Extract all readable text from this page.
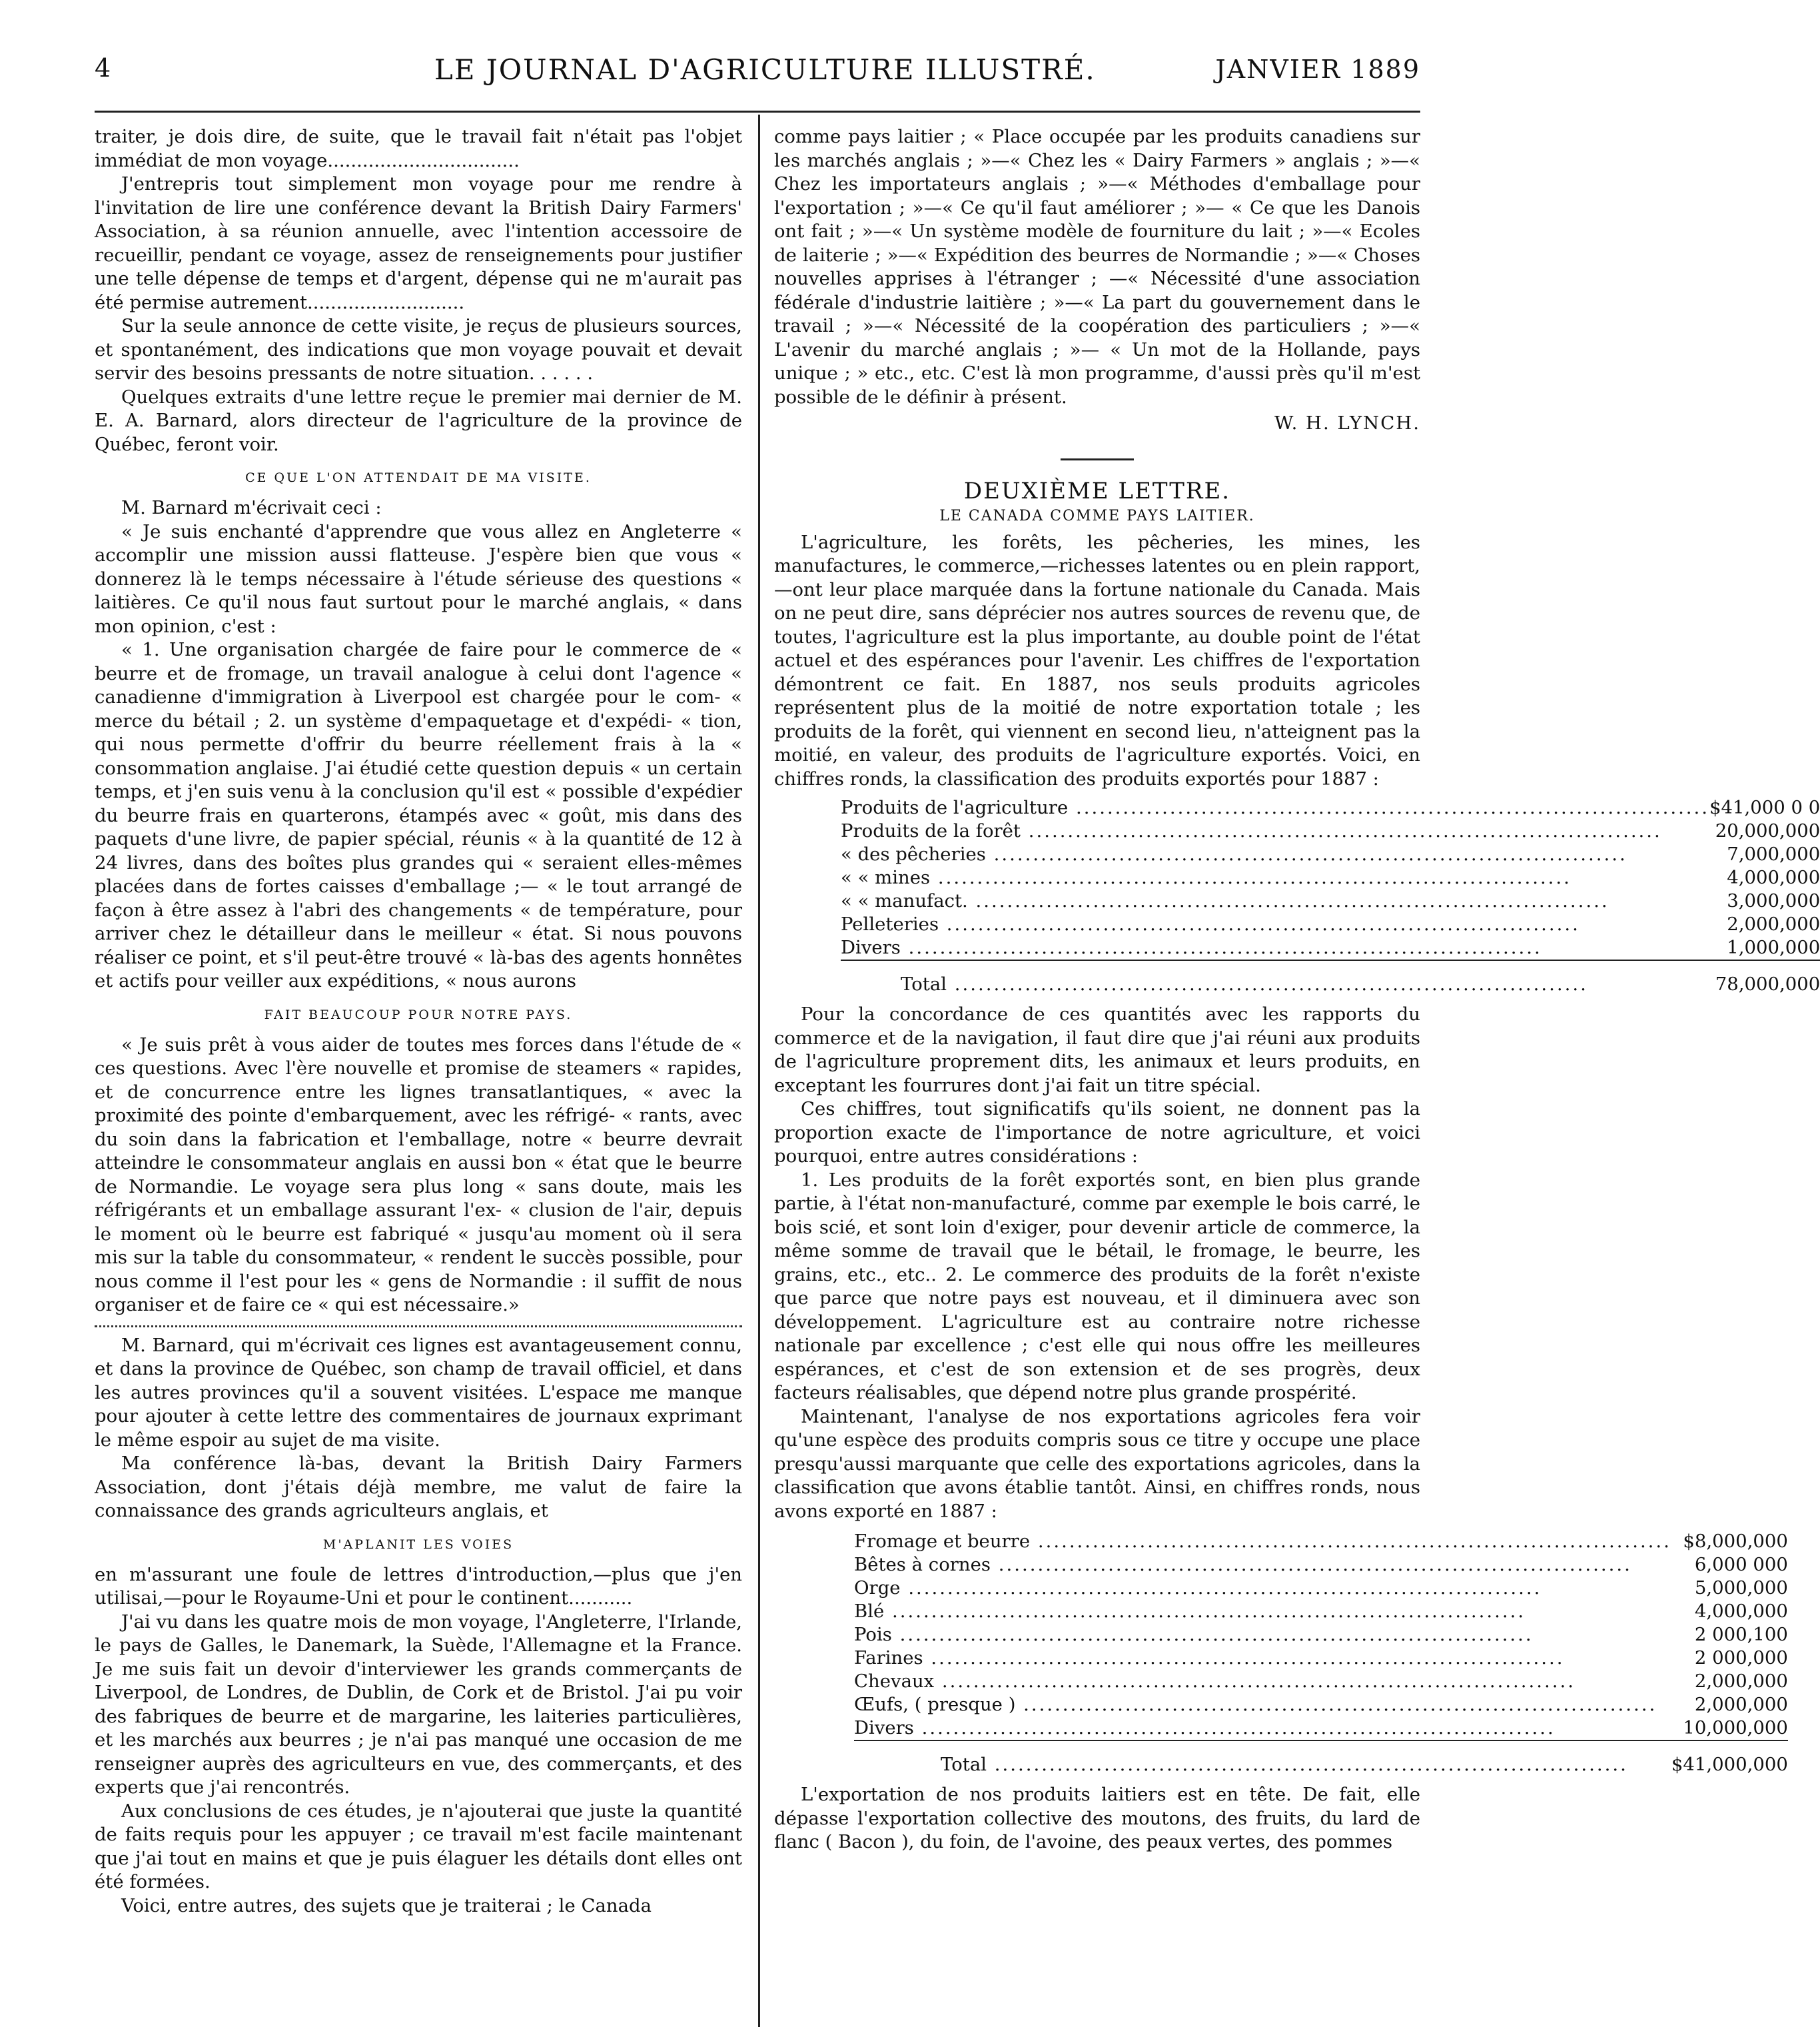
4	LE JOURNAL D'AGRICULTURE ILLUSTRÉ.	JANVIER 1889

traiter, je dois dire, de suite, que le travail fait n'était pas l'objet immédiat de mon voyage.................................

J'entrepris tout simplement mon voyage pour me rendre à l'invitation de lire une conférence devant la British Dairy Farmers' Association, à sa réunion annuelle, avec l'intention accessoire de recueillir, pendant ce voyage, assez de renseignements pour justifier une telle dépense de temps et d'argent, dépense qui ne m'aurait pas été permise autrement...........................

Sur la seule annonce de cette visite, je reçus de plusieurs sources, et spontanément, des indications que mon voyage pouvait et devait servir des besoins pressants de notre situation. . . . . .

Quelques extraits d'une lettre reçue le premier mai dernier de M. E. A. Barnard, alors directeur de l'agriculture de la province de Québec, feront voir.

CE QUE L'ON ATTENDAIT DE MA VISITE.

M. Barnard m'écrivait ceci :

« Je suis enchanté d'apprendre que vous allez en Angleterre « accomplir une mission aussi flatteuse. J'espère bien que vous « donnerez là le temps nécessaire à l'étude sérieuse des questions « laitières. Ce qu'il nous faut surtout pour le marché anglais, « dans mon opinion, c'est :

« 1. Une organisation chargée de faire pour le commerce de « beurre et de fromage, un travail analogue à celui dont l'agence « canadienne d'immigration à Liverpool est chargée pour le com- « merce du bétail ; 2. un système d'empaquetage et d'expédi- « tion, qui nous permette d'offrir du beurre réellement frais à la « consommation anglaise. J'ai étudié cette question depuis « un certain temps, et j'en suis venu à la conclusion qu'il est « possible d'expédier du beurre frais en quarterons, étampés avec « goût, mis dans des paquets d'une livre, de papier spécial, réunis « à la quantité de 12 à 24 livres, dans des boîtes plus grandes qui « seraient elles-mêmes placées dans de fortes caisses d'emballage ;— « le tout arrangé de façon à être assez à l'abri des changements « de température, pour arriver chez le détailleur dans le meilleur « état. Si nous pouvons réaliser ce point, et s'il peut-être trouvé « là-bas des agents honnêtes et actifs pour veiller aux expéditions, « nous aurons

FAIT BEAUCOUP POUR NOTRE PAYS.

« Je suis prêt à vous aider de toutes mes forces dans l'étude de « ces questions. Avec l'ère nouvelle et promise de steamers « rapides, et de concurrence entre les lignes transatlantiques, « avec la proximité des pointe d'embarquement, avec les réfrigé- « rants, avec du soin dans la fabrication et l'emballage, notre « beurre devrait atteindre le consommateur anglais en aussi bon « état que le beurre de Normandie. Le voyage sera plus long « sans doute, mais les réfrigérants et un emballage assurant l'ex- « clusion de l'air, depuis le moment où le beurre est fabriqué « jusqu'au moment où il sera mis sur la table du consommateur, « rendent le succès possible, pour nous comme il l'est pour les « gens de Normandie : il suffit de nous organiser et de faire ce « qui est nécessaire.»

M. Barnard, qui m'écrivait ces lignes est avantageusement connu, et dans la province de Québec, son champ de travail officiel, et dans les autres provinces qu'il a souvent visitées. L'espace me manque pour ajouter à cette lettre des commentaires de journaux exprimant le même espoir au sujet de ma visite.

Ma conférence là-bas, devant la British Dairy Farmers Association, dont j'étais déjà membre, me valut de faire la connaissance des grands agriculteurs anglais, et

M'APLANIT LES VOIES

en m'assurant une foule de lettres d'introduction,—plus que j'en utilisai,—pour le Royaume-Uni et pour le continent...........

J'ai vu dans les quatre mois de mon voyage, l'Angleterre, l'Irlande, le pays de Galles, le Danemark, la Suède, l'Allemagne et la France. Je me suis fait un devoir d'interviewer les grands commerçants de Liverpool, de Londres, de Dublin, de Cork et de Bristol. J'ai pu voir des fabriques de beurre et de margarine, les laiteries particulières, et les marchés aux beurres ; je n'ai pas manqué une occasion de me renseigner auprès des agriculteurs en vue, des commerçants, et des experts que j'ai rencontrés.

Aux conclusions de ces études, je n'ajouterai que juste la quantité de faits requis pour les appuyer ; ce travail m'est facile maintenant que j'ai tout en mains et que je puis élaguer les détails dont elles ont été formées.

Voici, entre autres, des sujets que je traiterai ; le Canada

comme pays laitier ; « Place occupée par les produits canadiens sur les marchés anglais ; »—« Chez les « Dairy Farmers » anglais ; »—« Chez les importateurs anglais ; »—« Méthodes d'emballage pour l'exportation ; »—« Ce qu'il faut améliorer ; »— « Ce que les Danois ont fait ; »—« Un système modèle de fourniture du lait ; »—« Ecoles de laiterie ; »—« Expédition des beurres de Normandie ; »—« Choses nouvelles apprises à l'étranger ; —« Nécessité d'une association fédérale d'industrie laitière ; »—« La part du gouvernement dans le travail ; »—« Nécessité de la coopération des particuliers ; »—« L'avenir du marché anglais ; »— « Un mot de la Hollande, pays unique ; » etc., etc. C'est là mon programme, d'aussi près qu'il m'est possible de le définir à présent.

W. H. LYNCH.
DEUXIÈME LETTRE.
LE CANADA COMME PAYS LAITIER.

L'agriculture, les forêts, les pêcheries, les mines, les manufactures, le commerce,—richesses latentes ou en plein rapport,—ont leur place marquée dans la fortune nationale du Canada. Mais on ne peut dire, sans déprécier nos autres sources de revenu que, de toutes, l'agriculture est la plus importante, au double point de l'état actuel et des espérances pour l'avenir. Les chiffres de l'exportation démontrent ce fait. En 1887, nos seuls produits agricoles représentent plus de la moitié de notre exportation totale ; les produits de la forêt, qui viennent en second lieu, n'atteignent pas la moitié, en valeur, des produits de l'agriculture exportés. Voici, en chiffres ronds, la classification des produits exportés pour 1887 :

Produits de l'agriculture .....	$41,000 0 0
Produits de la forêt .....	20,000,000
« des pêcheries .....	7,000,000
« « mines .....	4,000,000
« « manufact. .....	3,000,000
Pelleteries .....	2,000,000
Divers .....	1,000,000

Total .....	78,000,000

Pour la concordance de ces quantités avec les rapports du commerce et de la navigation, il faut dire que j'ai réuni aux produits de l'agriculture proprement dits, les animaux et leurs produits, en exceptant les fourrures dont j'ai fait un titre spécial.

Ces chiffres, tout significatifs qu'ils soient, ne donnent pas la proportion exacte de l'importance de notre agriculture, et voici pourquoi, entre autres considérations :

1. Les produits de la forêt exportés sont, en bien plus grande partie, à l'état non-manufacturé, comme par exemple le bois carré, le bois scié, et sont loin d'exiger, pour devenir article de commerce, la même somme de travail que le bétail, le fromage, le beurre, les grains, etc., etc.. 2. Le commerce des produits de la forêt n'existe que parce que notre pays est nouveau, et il diminuera avec son développement. L'agriculture est au contraire notre richesse nationale par excellence ; c'est elle qui nous offre les meilleures espérances, et c'est de son extension et de ses progrès, deux facteurs réalisables, que dépend notre plus grande prospérité.

Maintenant, l'analyse de nos exportations agricoles fera voir qu'une espèce des produits compris sous ce titre y occupe une place presqu'aussi marquante que celle des exportations agricoles, dans la classification que avons établie tantôt. Ainsi, en chiffres ronds, nous avons exporté en 1887 :

Fromage et beurre .....	$8,000,000
Bêtes à cornes .....	6,000 000
Orge .....	5,000,000
Blé .....	4,000,000
Pois .....	2 000,100
Farines .....	2 000,000
Chevaux .....	2,000,000
Œufs, ( presque ) .....	2,000,000
Divers .....	10,000,000

Total .....	$41,000,000

L'exportation de nos produits laitiers est en tête. De fait, elle dépasse l'exportation collective des moutons, des fruits, du lard de flanc ( Bacon ), du foin, de l'avoine, des peaux vertes, des pommes
